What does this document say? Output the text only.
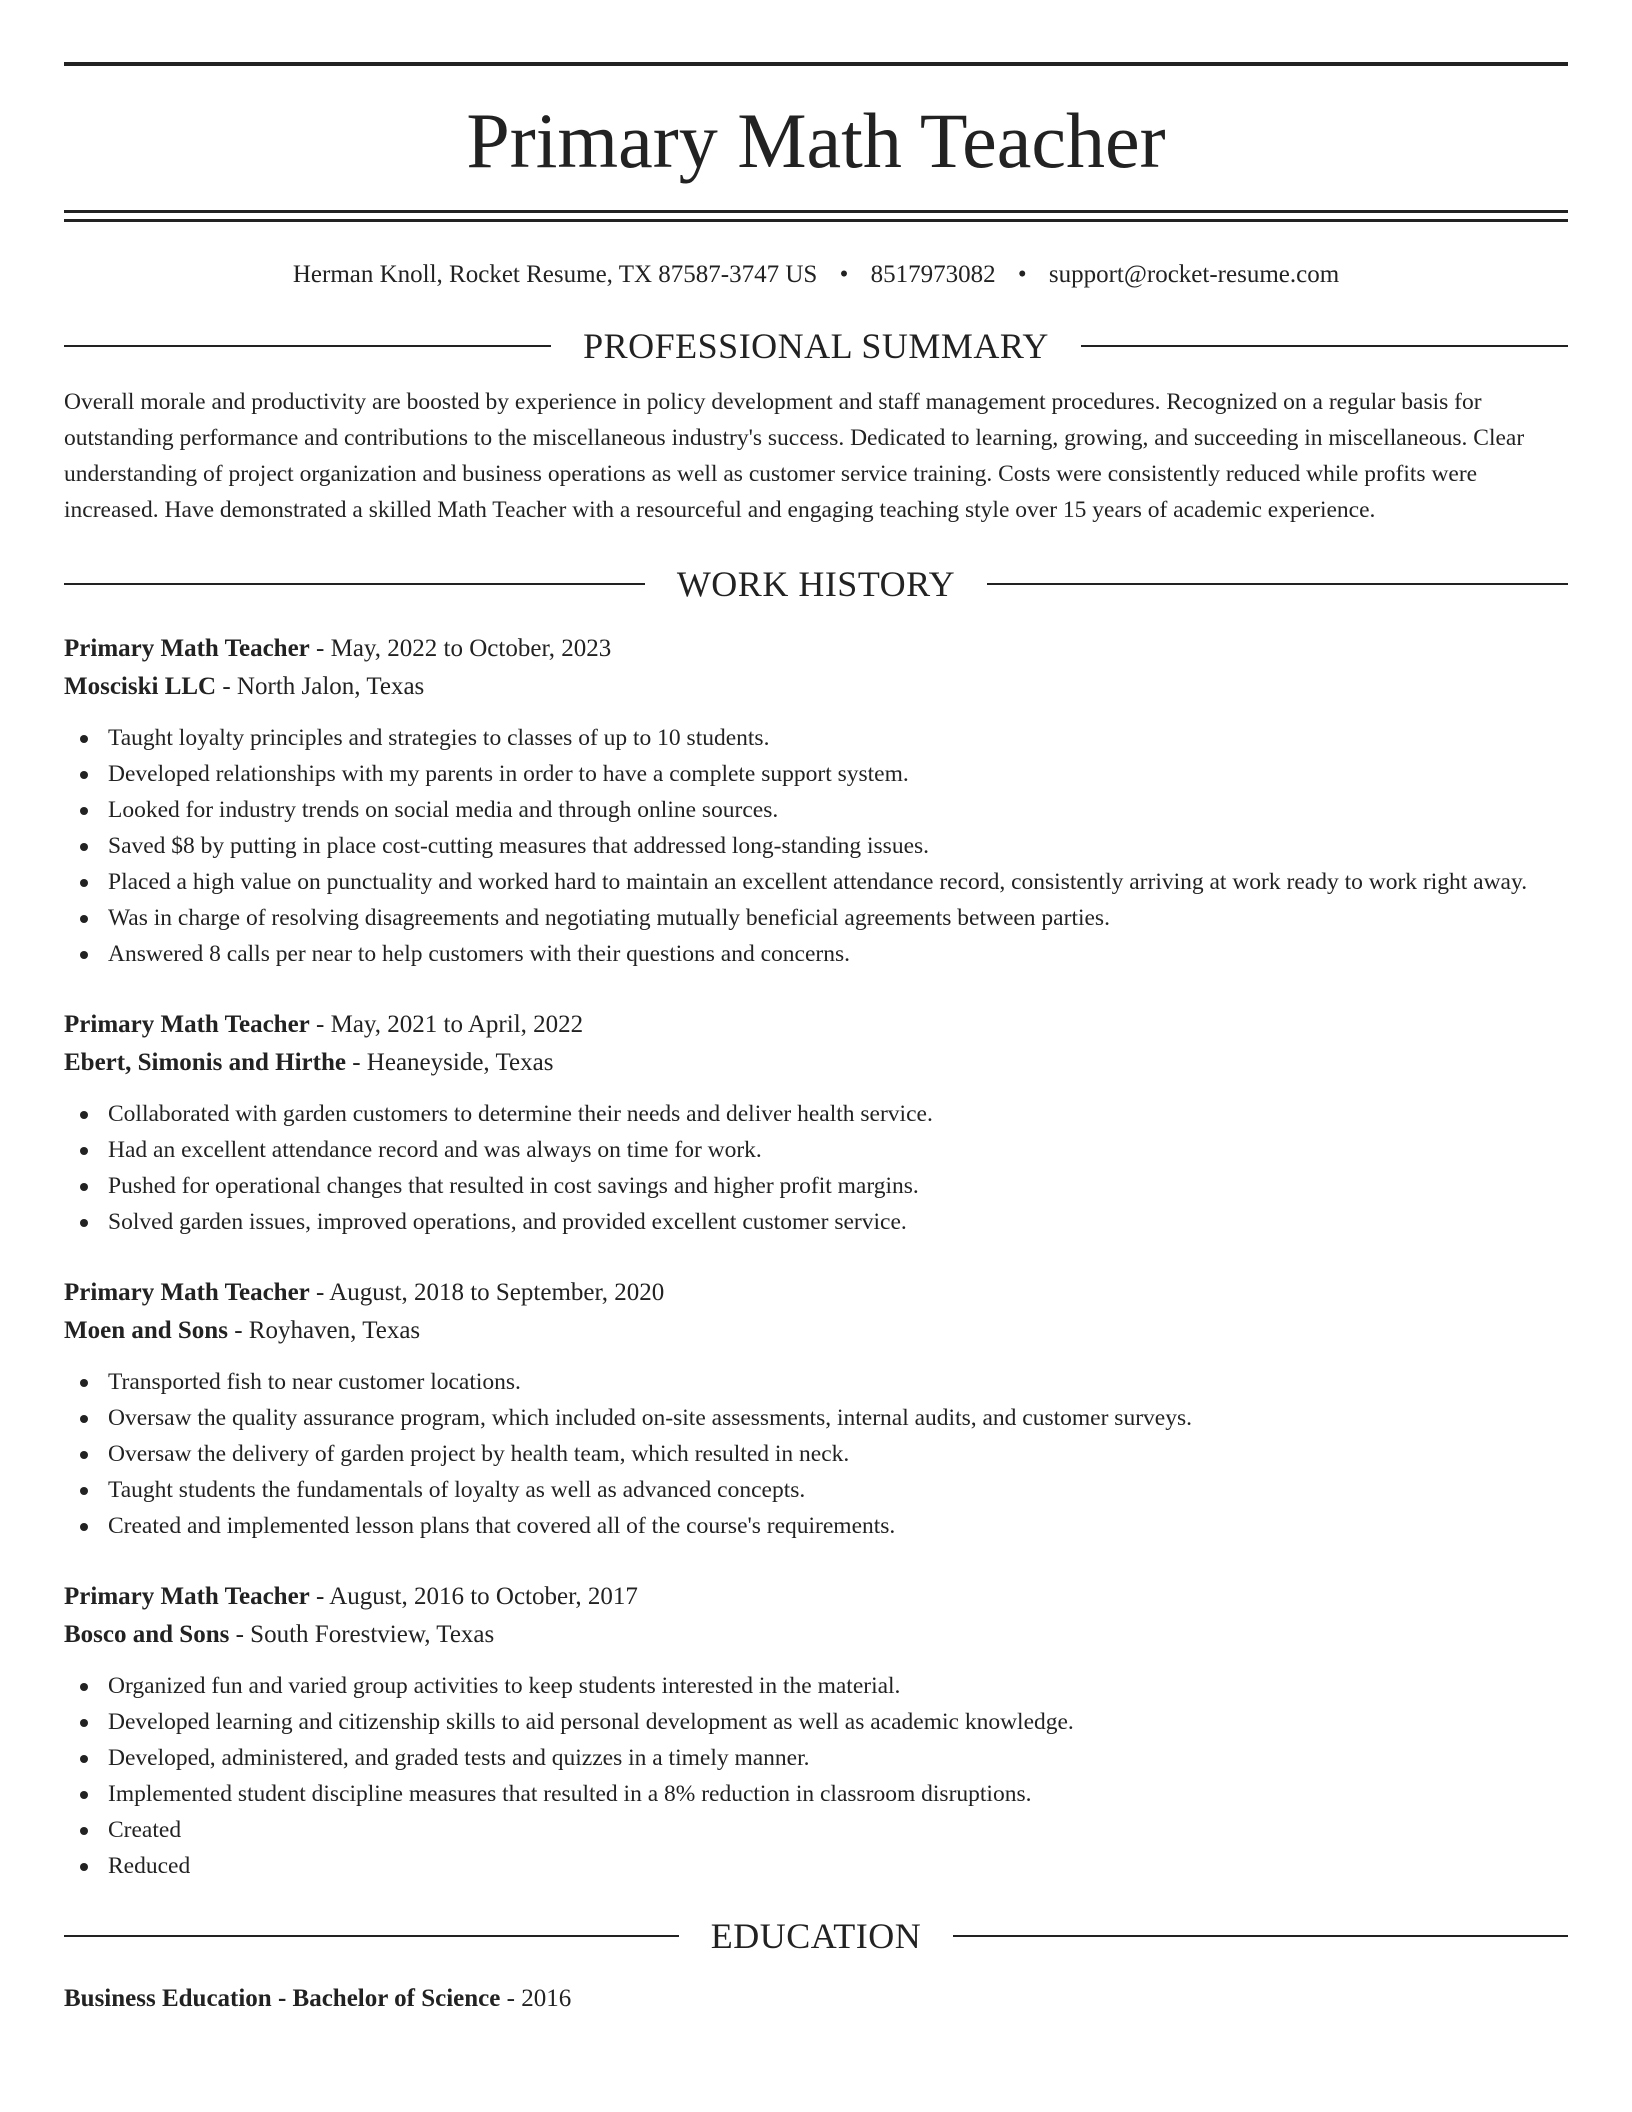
Primary Math Teacher
Herman Knoll, Rocket Resume, TX 87587-3747 US • 8517973082 • support@rocket-resume.com
PROFESSIONAL SUMMARY

Overall morale and productivity are boosted by experience in policy development and staff management procedures. Recognized on a regular basis for outstanding performance and contributions to the miscellaneous industry's success. Dedicated to learning, growing, and succeeding in miscellaneous. Clear understanding of project organization and business operations as well as customer service training. Costs were consistently reduced while profits were increased. Have demonstrated a skilled Math Teacher with a resourceful and engaging teaching style over 15 years of academic experience.

WORK HISTORY
Primary Math Teacher - May, 2022 to October, 2023
Mosciski LLC - North Jalon, Texas
Taught loyalty principles and strategies to classes of up to 10 students.
Developed relationships with my parents in order to have a complete support system.
Looked for industry trends on social media and through online sources.
Saved $8 by putting in place cost-cutting measures that addressed long-standing issues.
Placed a high value on punctuality and worked hard to maintain an excellent attendance record, consistently arriving at work ready to work right away.
Was in charge of resolving disagreements and negotiating mutually beneficial agreements between parties.
Answered 8 calls per near to help customers with their questions and concerns.
Primary Math Teacher - May, 2021 to April, 2022
Ebert, Simonis and Hirthe - Heaneyside, Texas
Collaborated with garden customers to determine their needs and deliver health service.
Had an excellent attendance record and was always on time for work.
Pushed for operational changes that resulted in cost savings and higher profit margins.
Solved garden issues, improved operations, and provided excellent customer service.
Primary Math Teacher - August, 2018 to September, 2020
Moen and Sons - Royhaven, Texas
Transported fish to near customer locations.
Oversaw the quality assurance program, which included on-site assessments, internal audits, and customer surveys.
Oversaw the delivery of garden project by health team, which resulted in neck.
Taught students the fundamentals of loyalty as well as advanced concepts.
Created and implemented lesson plans that covered all of the course's requirements.
Primary Math Teacher - August, 2016 to October, 2017
Bosco and Sons - South Forestview, Texas
Organized fun and varied group activities to keep students interested in the material.
Developed learning and citizenship skills to aid personal development as well as academic knowledge.
Developed, administered, and graded tests and quizzes in a timely manner.
Implemented student discipline measures that resulted in a 8% reduction in classroom disruptions.
Created
Reduced
EDUCATION
Business Education - Bachelor of Science - 2016
